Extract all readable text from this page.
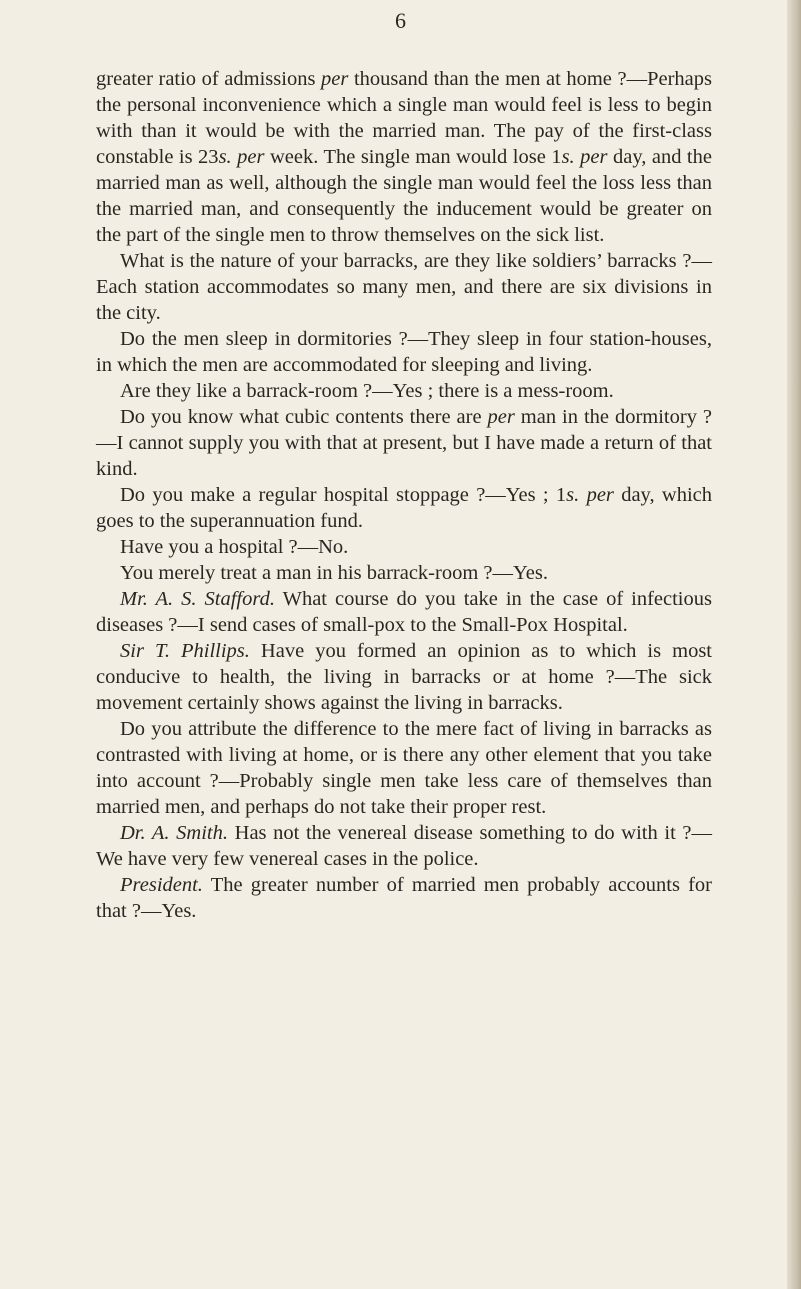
6

greater ratio of admissions per thousand than the men at home ?—Perhaps the personal inconvenience which a single man would feel is less to begin with than it would be with the married man. The pay of the first-class constable is 23s. per week. The single man would lose 1s. per day, and the married man as well, although the single man would feel the loss less than the married man, and consequently the inducement would be greater on the part of the single men to throw themselves on the sick list.

What is the nature of your barracks, are they like soldiers’ barracks ?—Each station accommodates so many men, and there are six divisions in the city.

Do the men sleep in dormitories ?—They sleep in four station-houses, in which the men are accommodated for sleeping and living.

Are they like a barrack-room ?—Yes ; there is a mess-room.

Do you know what cubic contents there are per man in the dormitory ?—I cannot supply you with that at present, but I have made a return of that kind.

Do you make a regular hospital stoppage ?—Yes ; 1s. per day, which goes to the superannuation fund.

Have you a hospital ?—No.

You merely treat a man in his barrack-room ?—Yes.

Mr. A. S. Stafford. What course do you take in the case of infectious diseases ?—I send cases of small-pox to the Small-Pox Hospital.

Sir T. Phillips. Have you formed an opinion as to which is most conducive to health, the living in barracks or at home ?—The sick movement certainly shows against the living in barracks.

Do you attribute the difference to the mere fact of living in barracks as contrasted with living at home, or is there any other element that you take into account ?—Probably single men take less care of themselves than married men, and perhaps do not take their proper rest.

Dr. A. Smith. Has not the venereal disease something to do with it ?—We have very few venereal cases in the police.

President. The greater number of married men probably accounts for that ?—Yes.
